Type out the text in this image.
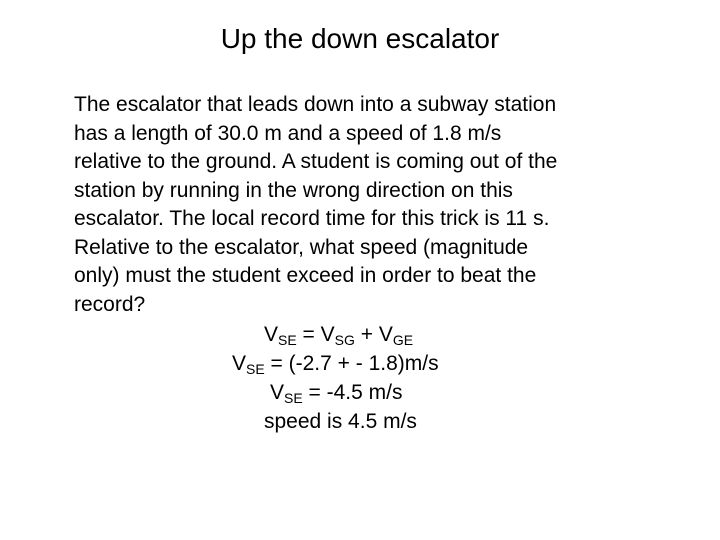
Up the down escalator

The escalator that leads down into a subway station
has a length of 30.0 m and a speed of 1.8 m/s
relative to the ground. A student is coming out of the
station by running in the wrong direction on this
escalator. The local record time for this trick is 11 s.
Relative to the escalator, what speed (magnitude
only) must the student exceed in order to beat the
record?

$V_{SE} = V_{SG} + V_{GE}$
$V_{SE} = (-2.7$ + - 1.8)m/s
$V_{SE} = -4.5$ m/s
speed is 4.5 m/s
